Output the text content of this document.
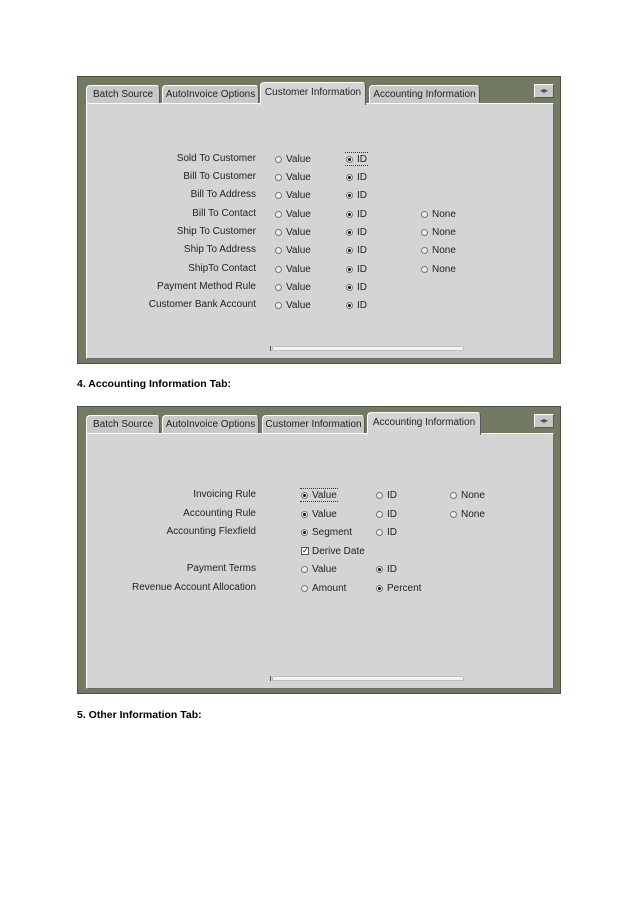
Batch Source	AutoInvoice Options Customer Information	Accounting Information	◂▸
Sold To Customer	Value	ID
Bill To Customer	Value	ID
Bill To Address	Value	ID
Bill To Contact	Value	ID	None
Ship To Customer	Value	ID	None
Ship To Address	Value	ID	None
ShipTo Contact	Value	ID	None
Payment Method Rule	Value	ID
Customer Bank Account	Value	ID
4. Accounting Information Tab:
Batch Source	AutoInvoice Options	Customer Information	Accounting Information	◂▸
Invoicing Rule	Value	ID	None
Accounting Rule	Value	ID	None
Accounting Flexfield	Segment	ID
✓ Derive Date
Payment Terms	Value	ID
Revenue Account Allocation	Amount	Percent
5. Other Information Tab:
